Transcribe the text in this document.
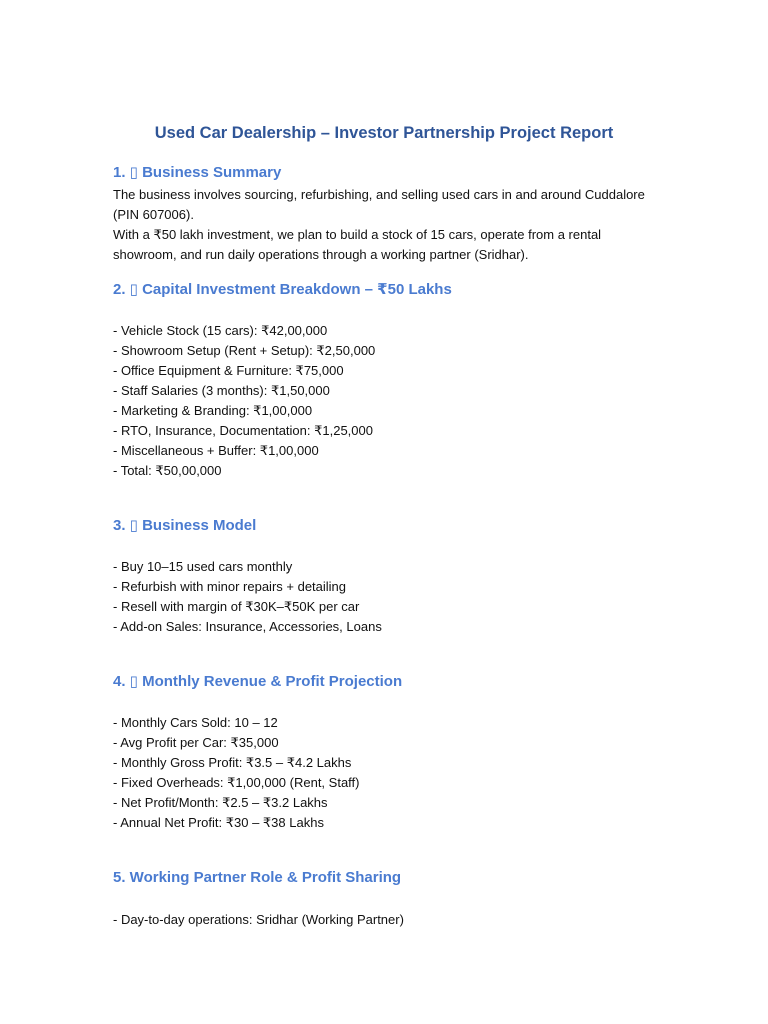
Used Car Dealership – Investor Partnership Project Report
1. ▯ Business Summary
The business involves sourcing, refurbishing, and selling used cars in and around Cuddalore (PIN 607006).
With a ₹50 lakh investment, we plan to build a stock of 15 cars, operate from a rental showroom, and run daily operations through a working partner (Sridhar).
2. ▯ Capital Investment Breakdown – ₹50 Lakhs
- Vehicle Stock (15 cars): ₹42,00,000
- Showroom Setup (Rent + Setup): ₹2,50,000
- Office Equipment & Furniture: ₹75,000
- Staff Salaries (3 months): ₹1,50,000
- Marketing & Branding: ₹1,00,000
- RTO, Insurance, Documentation: ₹1,25,000
- Miscellaneous + Buffer: ₹1,00,000
- Total: ₹50,00,000
3. ▯ Business Model
- Buy 10–15 used cars monthly
- Refurbish with minor repairs + detailing
- Resell with margin of ₹30K–₹50K per car
- Add-on Sales: Insurance, Accessories, Loans
4. ▯ Monthly Revenue & Profit Projection
- Monthly Cars Sold: 10 – 12
- Avg Profit per Car: ₹35,000
- Monthly Gross Profit: ₹3.5 – ₹4.2 Lakhs
- Fixed Overheads: ₹1,00,000 (Rent, Staff)
- Net Profit/Month: ₹2.5 – ₹3.2 Lakhs
- Annual Net Profit: ₹30 – ₹38 Lakhs
5. Working Partner Role & Profit Sharing
- Day-to-day operations: Sridhar (Working Partner)
